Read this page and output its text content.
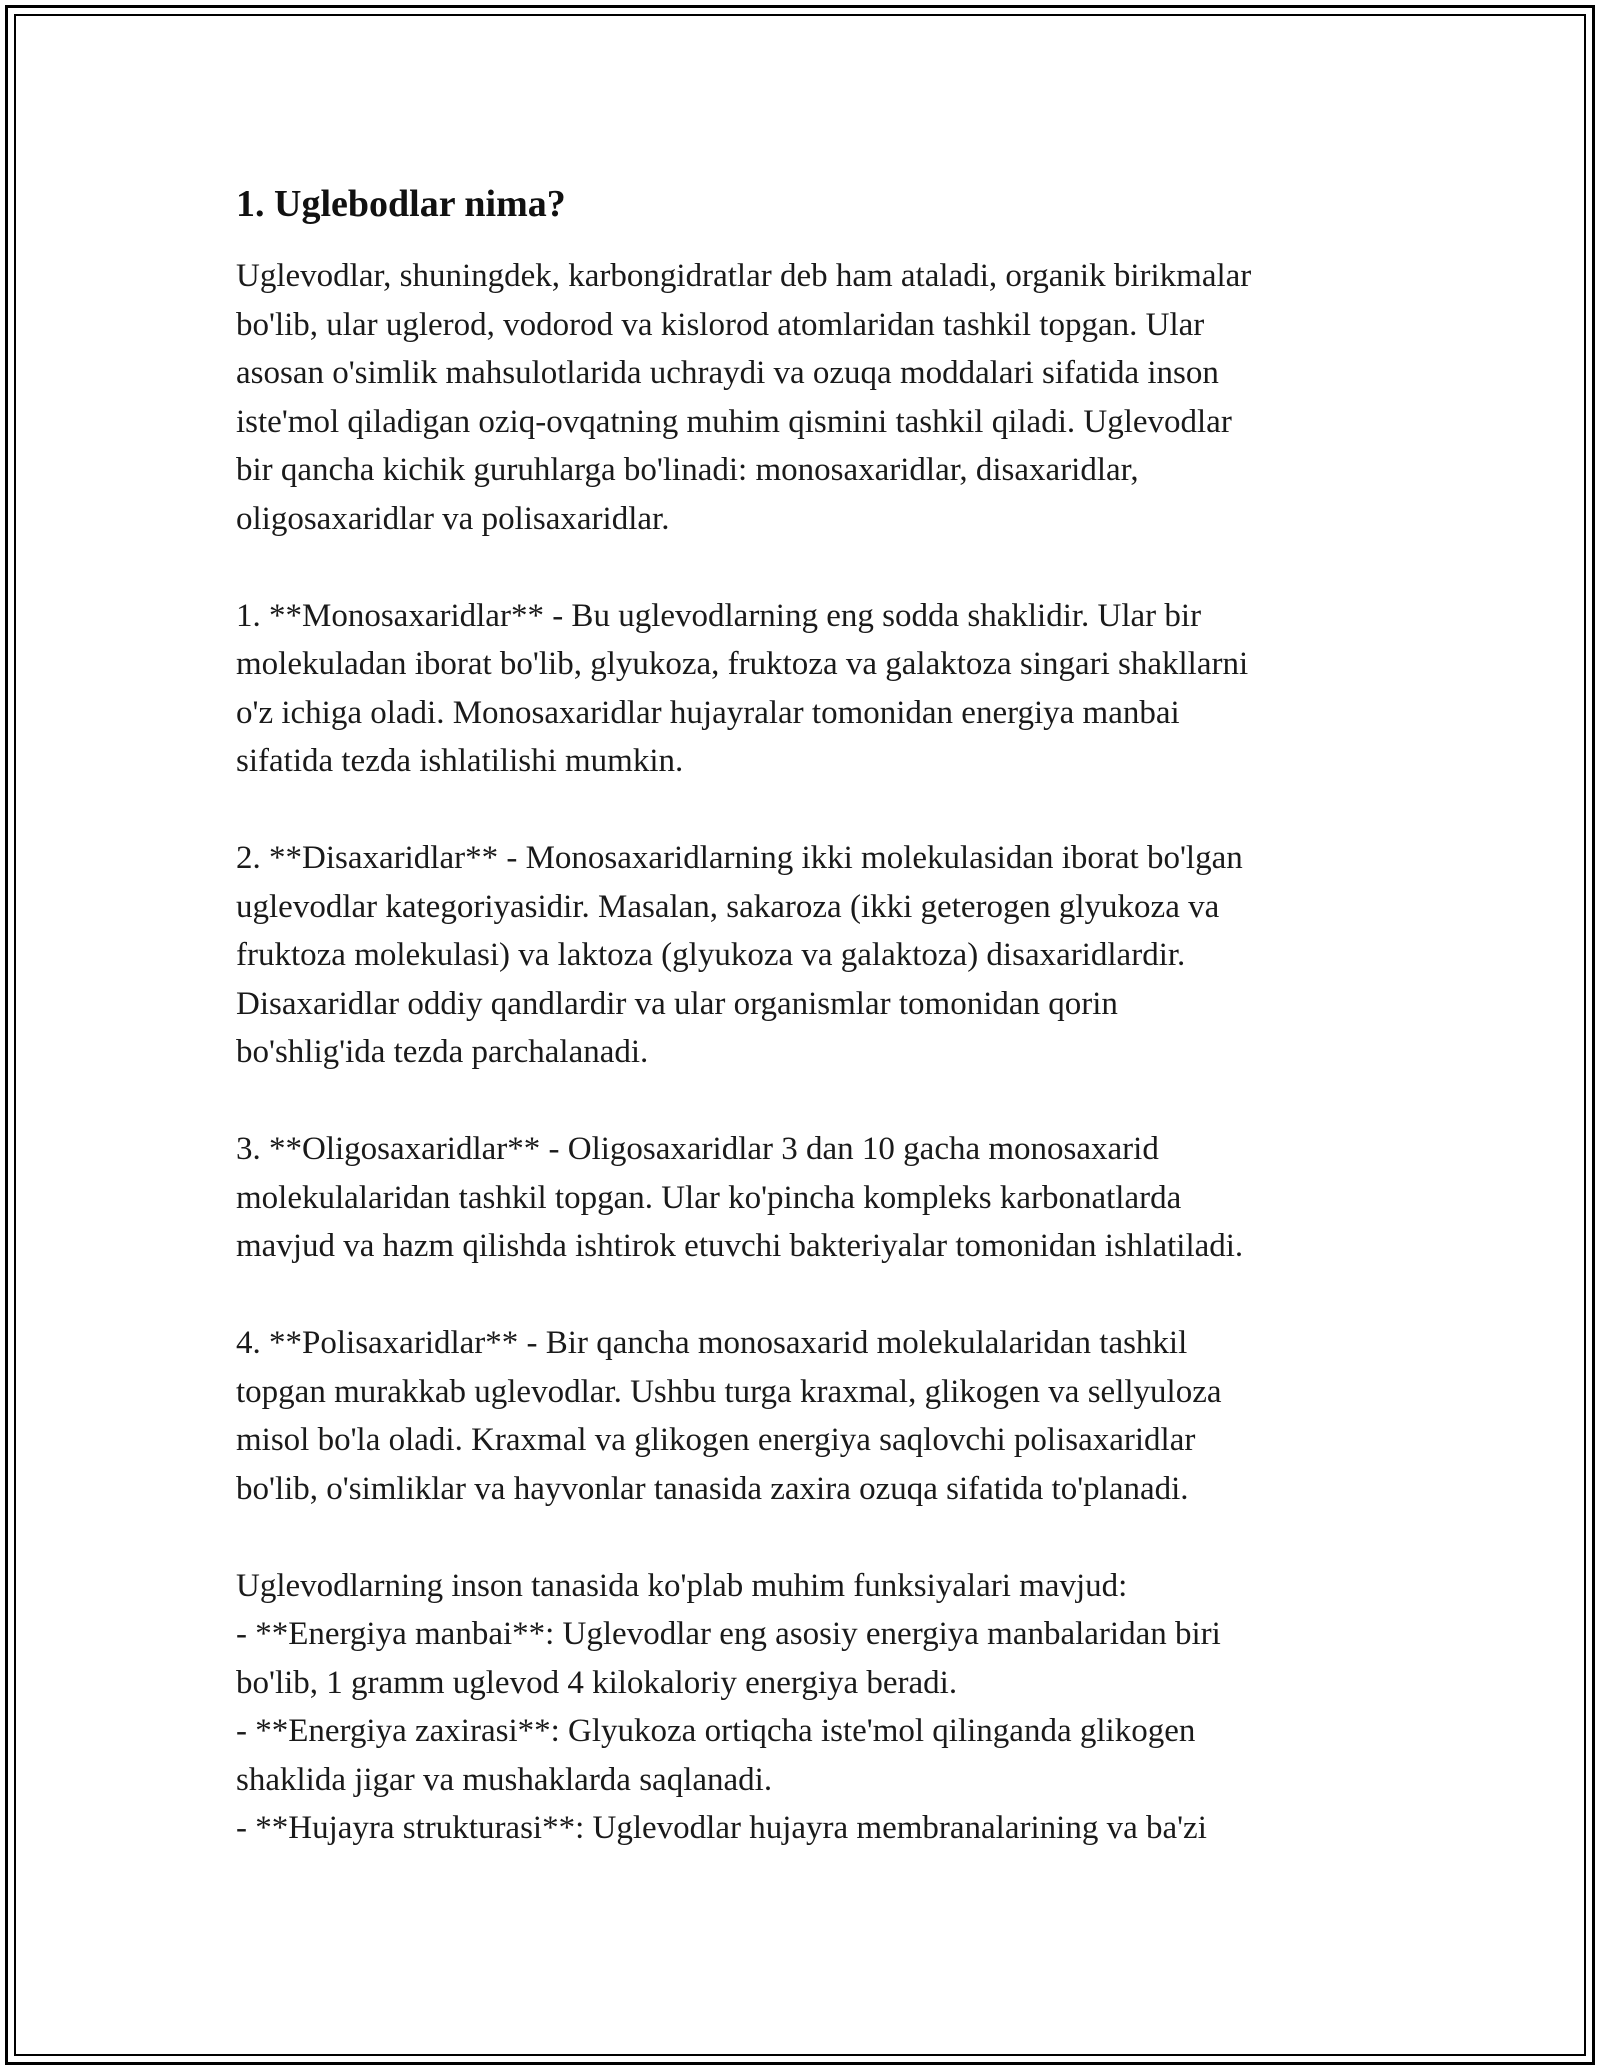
1. Uglebodlar nima?

Uglevodlar, shuningdek, karbongidratlar deb ham ataladi, organik birikmalar
bo'lib, ular uglerod, vodorod va kislorod atomlaridan tashkil topgan. Ular
asosan o'simlik mahsulotlarida uchraydi va ozuqa moddalari sifatida inson
iste'mol qiladigan oziq-ovqatning muhim qismini tashkil qiladi. Uglevodlar
bir qancha kichik guruhlarga bo'linadi: monosaxaridlar, disaxaridlar,
oligosaxaridlar va polisaxaridlar.

1. **Monosaxaridlar** - Bu uglevodlarning eng sodda shaklidir. Ular bir
molekuladan iborat bo'lib, glyukoza, fruktoza va galaktoza singari shakllarni
o'z ichiga oladi. Monosaxaridlar hujayralar tomonidan energiya manbai
sifatida tezda ishlatilishi mumkin.

2. **Disaxaridlar** - Monosaxaridlarning ikki molekulasidan iborat bo'lgan
uglevodlar kategoriyasidir. Masalan, sakaroza (ikki geterogen glyukoza va
fruktoza molekulasi) va laktoza (glyukoza va galaktoza) disaxaridlardir.
Disaxaridlar oddiy qandlardir va ular organismlar tomonidan qorin
bo'shlig'ida tezda parchalanadi.

3. **Oligosaxaridlar** - Oligosaxaridlar 3 dan 10 gacha monosaxarid
molekulalaridan tashkil topgan. Ular ko'pincha kompleks karbonatlarda
mavjud va hazm qilishda ishtirok etuvchi bakteriyalar tomonidan ishlatiladi.

4. **Polisaxaridlar** - Bir qancha monosaxarid molekulalaridan tashkil
topgan murakkab uglevodlar. Ushbu turga kraxmal, glikogen va sellyuloza
misol bo'la oladi. Kraxmal va glikogen energiya saqlovchi polisaxaridlar
bo'lib, o'simliklar va hayvonlar tanasida zaxira ozuqa sifatida to'planadi.

Uglevodlarning inson tanasida ko'plab muhim funksiyalari mavjud:
- **Energiya manbai**: Uglevodlar eng asosiy energiya manbalaridan biri
bo'lib, 1 gramm uglevod 4 kilokaloriy energiya beradi.
- **Energiya zaxirasi**: Glyukoza ortiqcha iste'mol qilinganda glikogen
shaklida jigar va mushaklarda saqlanadi.
- **Hujayra strukturasi**: Uglevodlar hujayra membranalarining va ba'zi
